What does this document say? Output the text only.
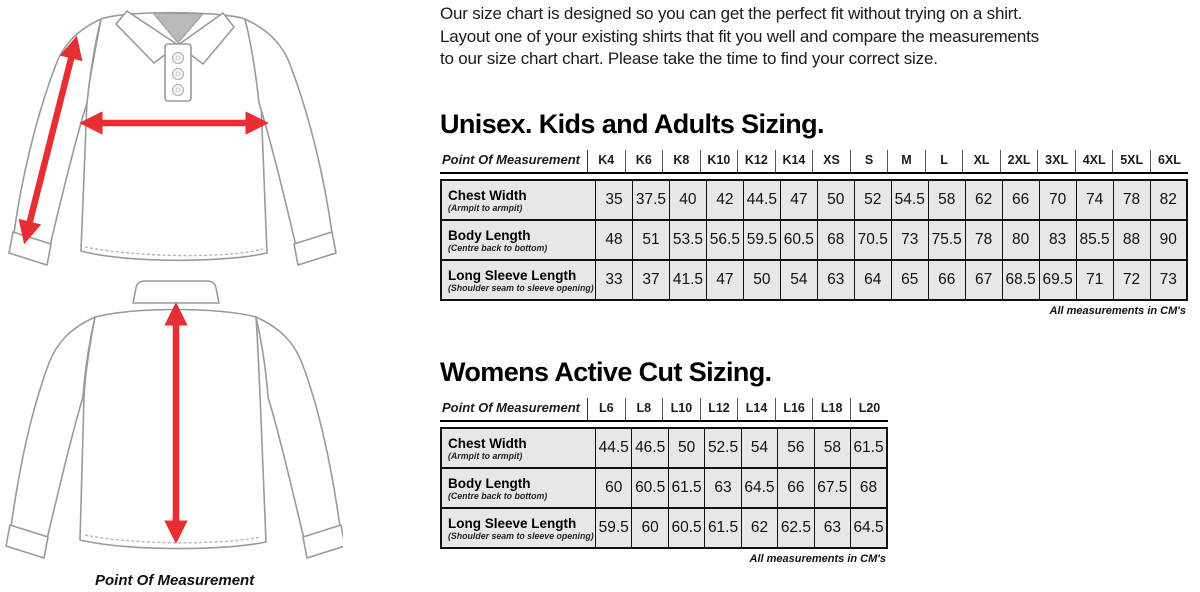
Point Of Measurement
Our size chart is designed so you can get the perfect fit without trying on a shirt.
Layout one of your existing shirts that fit you well and compare the measurements
to our size chart chart. Please take the time to find your correct size.
Unisex. Kids and Adults Sizing.
Point Of Measurement	K4	K6	K8	K10	K12	K14	XS	S	M	L	XL	2XL	3XL	4XL	5XL	6XL
Chest Width
(Armpit to armpit)	35	37.5	40	42	44.5	47	50	52	54.5	58	62	66	70	74	78	82

Body Length
(Centre back to bottom)	48	51	53.5	56.5	59.5	60.5	68	70.5	73	75.5	78	80	83	85.5	88	90

Long Sleeve Length
(Shoulder seam to sleeve opening)	33	37	41.5	47	50	54	63	64	65	66	67	68.5	69.5	71	72	73
All measurements in CM's
Womens Active Cut Sizing.
Point Of Measurement	L6	L8	L10	L12	L14	L16	L18	L20
Chest Width
(Armpit to armpit)	44.5	46.5	50	52.5	54	56	58	61.5

Body Length
(Centre back to bottom)	60	60.5	61.5	63	64.5	66	67.5	68

Long Sleeve Length
(Shoulder seam to sleeve opening)	59.5	60	60.5	61.5	62	62.5	63	64.5
All measurements in CM's
